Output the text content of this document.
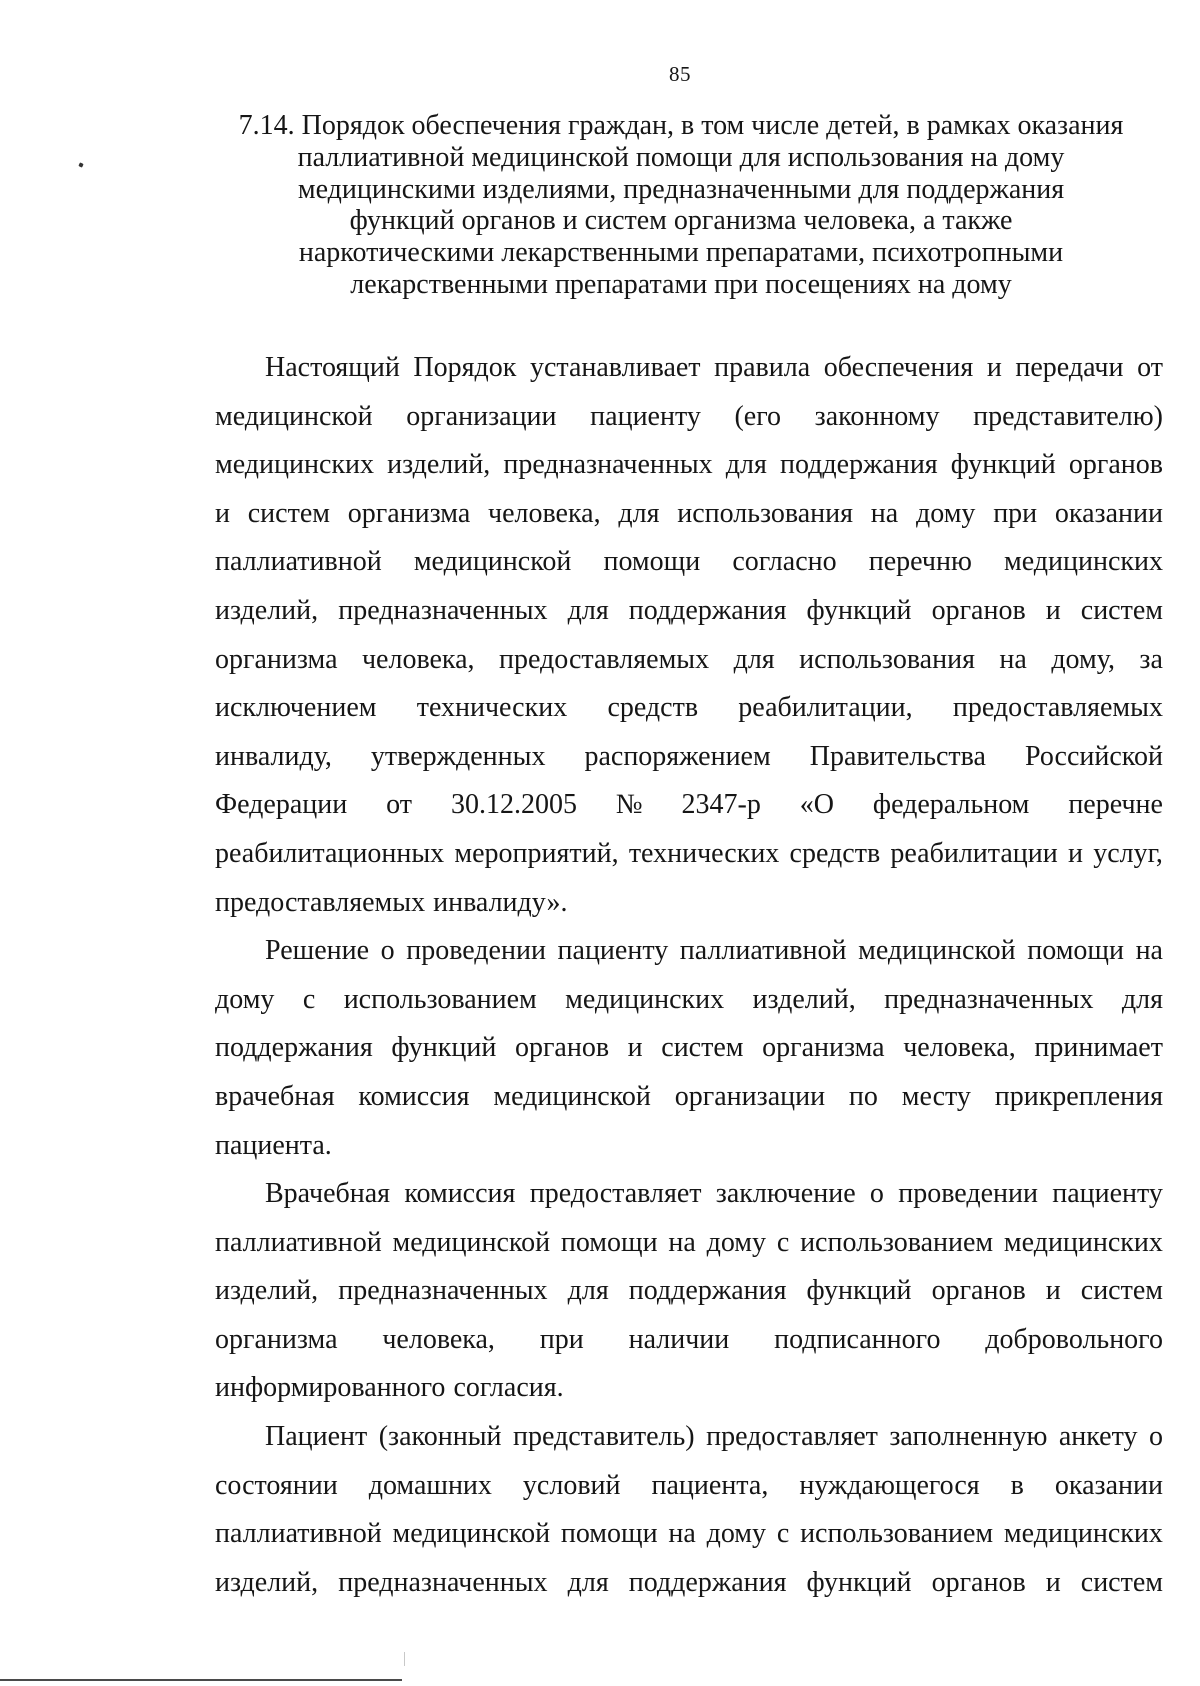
85
7.14. Порядок обеспечения граждан, в том числе детей, в рамках оказания
паллиативной медицинской помощи для использования на дому
медицинскими изделиями, предназначенными для поддержания
функций органов и систем организма человека, а также
наркотическими лекарственными препаратами, психотропными
лекарственными препаратами при посещениях на дому
Настоящий Порядок устанавливает правила обеспечения и передачи от
медицинской организации пациенту (его законному представителю)
медицинских изделий, предназначенных для поддержания функций органов
и систем организма человека, для использования на дому при оказании
паллиативной медицинской помощи согласно перечню медицинских
изделий, предназначенных для поддержания функций органов и систем
организма человека, предоставляемых для использования на дому, за
исключением технических средств реабилитации, предоставляемых
инвалиду, утвержденных распоряжением Правительства Российской
Федерации от 30.12.2005 № 2347-р «О федеральном перечне
реабилитационных мероприятий, технических средств реабилитации и услуг,
предоставляемых инвалиду».
Решение о проведении пациенту паллиативной медицинской помощи на
дому с использованием медицинских изделий, предназначенных для
поддержания функций органов и систем организма человека, принимает
врачебная комиссия медицинской организации по месту прикрепления
пациента.
Врачебная комиссия предоставляет заключение о проведении пациенту
паллиативной медицинской помощи на дому с использованием медицинских
изделий, предназначенных для поддержания функций органов и систем
организма человека, при наличии подписанного добровольного
информированного согласия.
Пациент (законный представитель) предоставляет заполненную анкету о
состоянии домашних условий пациента, нуждающегося в оказании
паллиативной медицинской помощи на дому с использованием медицинских
изделий, предназначенных для поддержания функций органов и систем
